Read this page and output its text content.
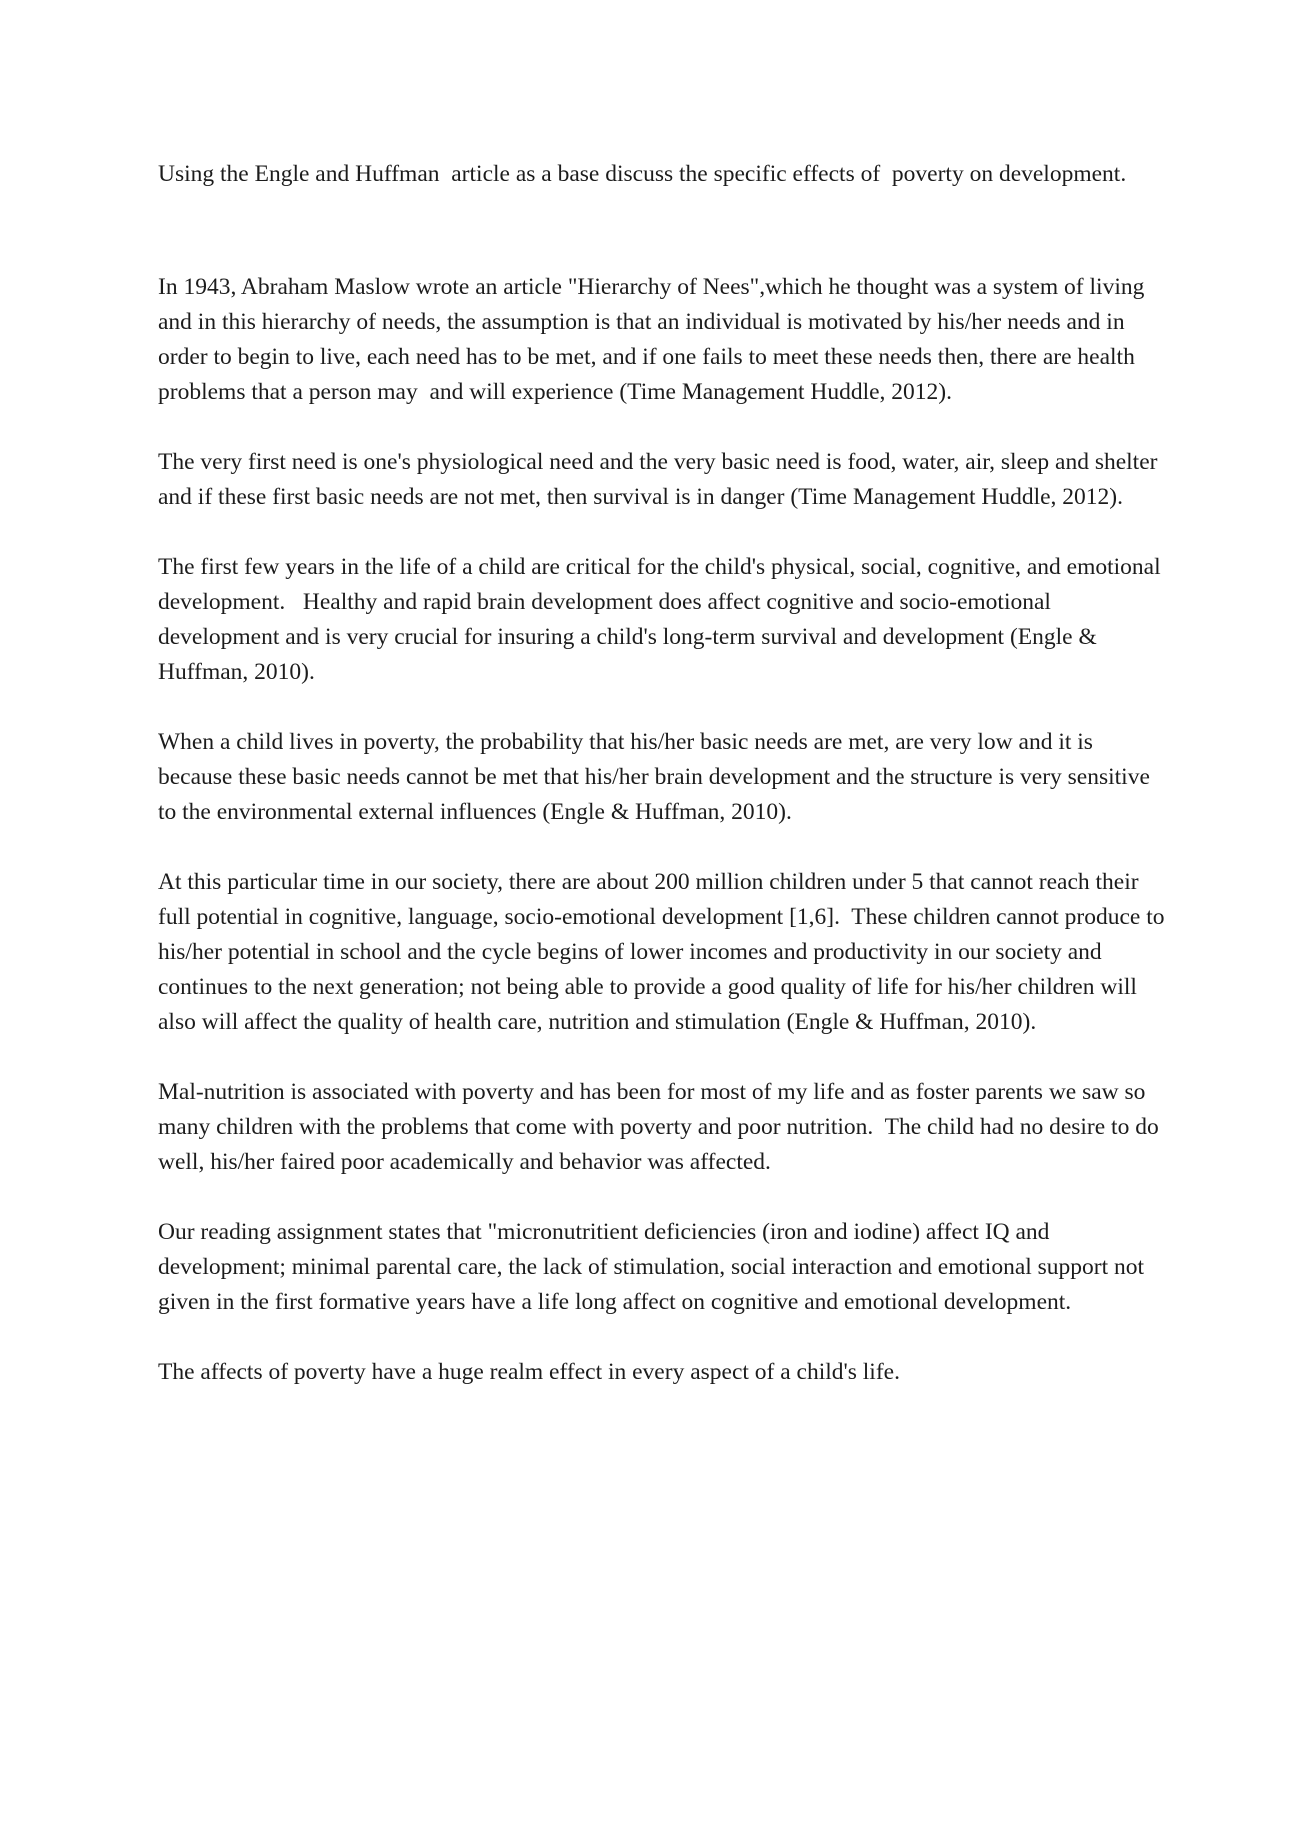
Using the Engle and Huffman  article as a base discuss the specific effects of  poverty on development.

In 1943, Abraham Maslow wrote an article "Hierarchy of Nees",which he thought was a system of living and in this hierarchy of needs, the assumption is that an individual is motivated by his/her needs and in order to begin to live, each need has to be met, and if one fails to meet these needs then, there are health problems that a person may  and will experience (Time Management Huddle, 2012).

The very first need is one's physiological need and the very basic need is food, water, air, sleep and shelter and if these first basic needs are not met, then survival is in danger (Time Management Huddle, 2012).

The first few years in the life of a child are critical for the child's physical, social, cognitive, and emotional development.   Healthy and rapid brain development does affect cognitive and socio-emotional development and is very crucial for insuring a child's long-term survival and development (Engle & Huffman, 2010).

When a child lives in poverty, the probability that his/her basic needs are met, are very low and it is because these basic needs cannot be met that his/her brain development and the structure is very sensitive to the environmental external influences (Engle & Huffman, 2010).

At this particular time in our society, there are about 200 million children under 5 that cannot reach their full potential in cognitive, language, socio-emotional development [1,6].  These children cannot produce to his/her potential in school and the cycle begins of lower incomes and productivity in our society and continues to the next generation; not being able to provide a good quality of life for his/her children will also will affect the quality of health care, nutrition and stimulation (Engle & Huffman, 2010).

Mal-nutrition is associated with poverty and has been for most of my life and as foster parents we saw so many children with the problems that come with poverty and poor nutrition.  The child had no desire to do well, his/her faired poor academically and behavior was affected.

Our reading assignment states that "micronutritient deficiencies (iron and iodine) affect IQ and development; minimal parental care, the lack of stimulation, social interaction and emotional support not given in the first formative years have a life long affect on cognitive and emotional development.

The affects of poverty have a huge realm effect in every aspect of a child's life.
